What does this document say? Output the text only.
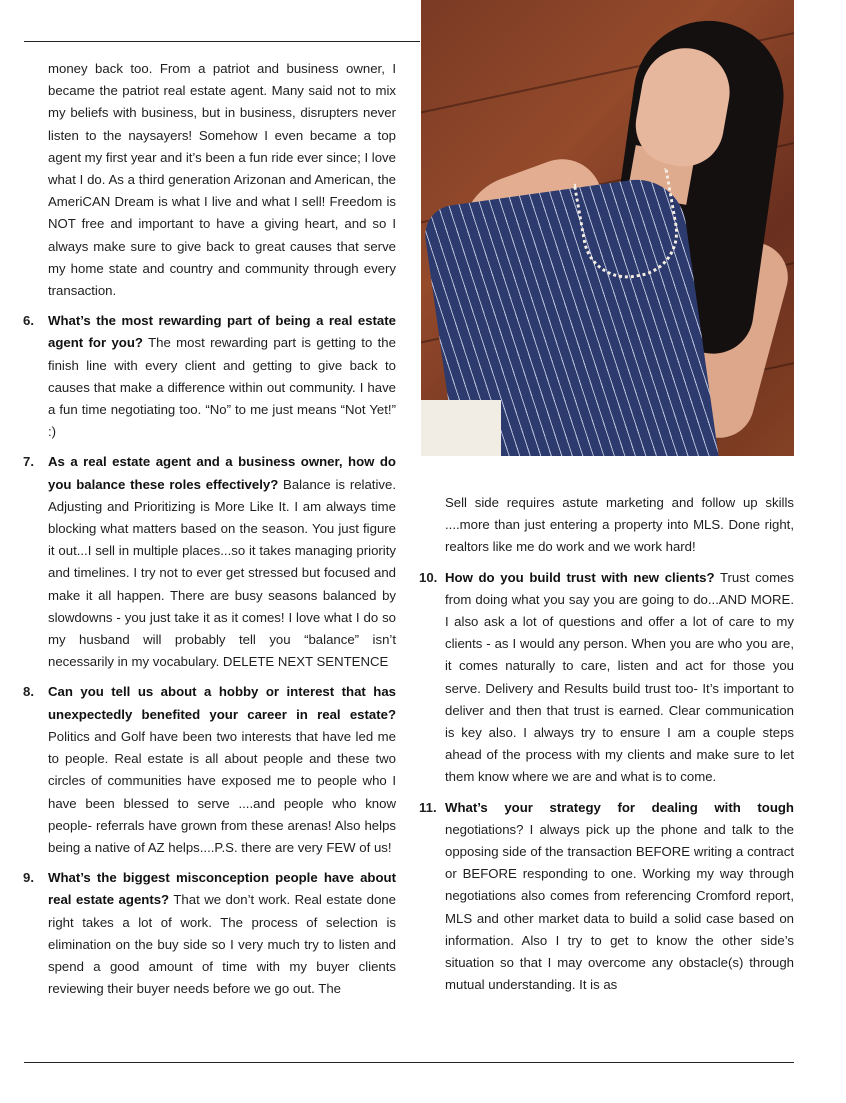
money back too. From a patriot and business owner, I became the patriot real estate agent. Many said not to mix my beliefs with business, but in business, disrupters never listen to the naysayers! Somehow I even became a top agent my first year and it’s been a fun ride ever since; I love what I do. As a third generation Arizonan and American, the AmeriCAN Dream is what I live and what I sell! Freedom is NOT free and important to have a giving heart, and so I always make sure to give back to great causes that serve my home state and country and community through every transaction.

6. What’s the most rewarding part of being a real estate agent for you? The most rewarding part is getting to the finish line with every client and getting to give back to causes that make a difference within out community. I have a fun time negotiating too. “No” to me just means “Not Yet!” :)

7. As a real estate agent and a business owner, how do you balance these roles effectively? Balance is relative. Adjusting and Prioritizing is More Like It. I am always time blocking what matters based on the season. You just figure it out...I sell in multiple places...so it takes managing priority and timelines. I try not to ever get stressed but focused and make it all happen. There are busy seasons balanced by slowdowns - you just take it as it comes! I love what I do so my husband will probably tell you “balance” isn’t necessarily in my vocabulary. DELETE NEXT SENTENCE

8. Can you tell us about a hobby or interest that has unexpectedly benefited your career in real estate? Politics and Golf have been two interests that have led me to people. Real estate is all about people and these two circles of communities have exposed me to people who I have been blessed to serve ....and people who know people- referrals have grown from these arenas! Also helps being a native of AZ helps....P.S. there are very FEW of us!

9. What’s the biggest misconception people have about real estate agents? That we don’t work. Real estate done right takes a lot of work. The process of selection is elimination on the buy side so I very much try to listen and spend a good amount of time with my buyer clients reviewing their buyer needs before we go out. The

Sell side requires astute marketing and follow up skills ....more than just entering a property into MLS. Done right, realtors like me do work and we work hard!

10. How do you build trust with new clients? Trust comes from doing what you say you are going to do...AND MORE. I also ask a lot of questions and offer a lot of care to my clients - as I would any person. When you are who you are, it comes naturally to care, listen and act for those you serve. Delivery and Results build trust too- It’s important to deliver and then that trust is earned. Clear communication is key also. I always try to ensure I am a couple steps ahead of the process with my clients and make sure to let them know where we are and what is to come.

11. What’s your strategy for dealing with tough negotiations? I always pick up the phone and talk to the opposing side of the transaction BEFORE writing a contract or BEFORE responding to one. Working my way through negotiations also comes from referencing Cromford report, MLS and other market data to build a solid case based on information. Also I try to get to know the other side’s situation so that I may overcome any obstacle(s) through mutual understanding. It is as
